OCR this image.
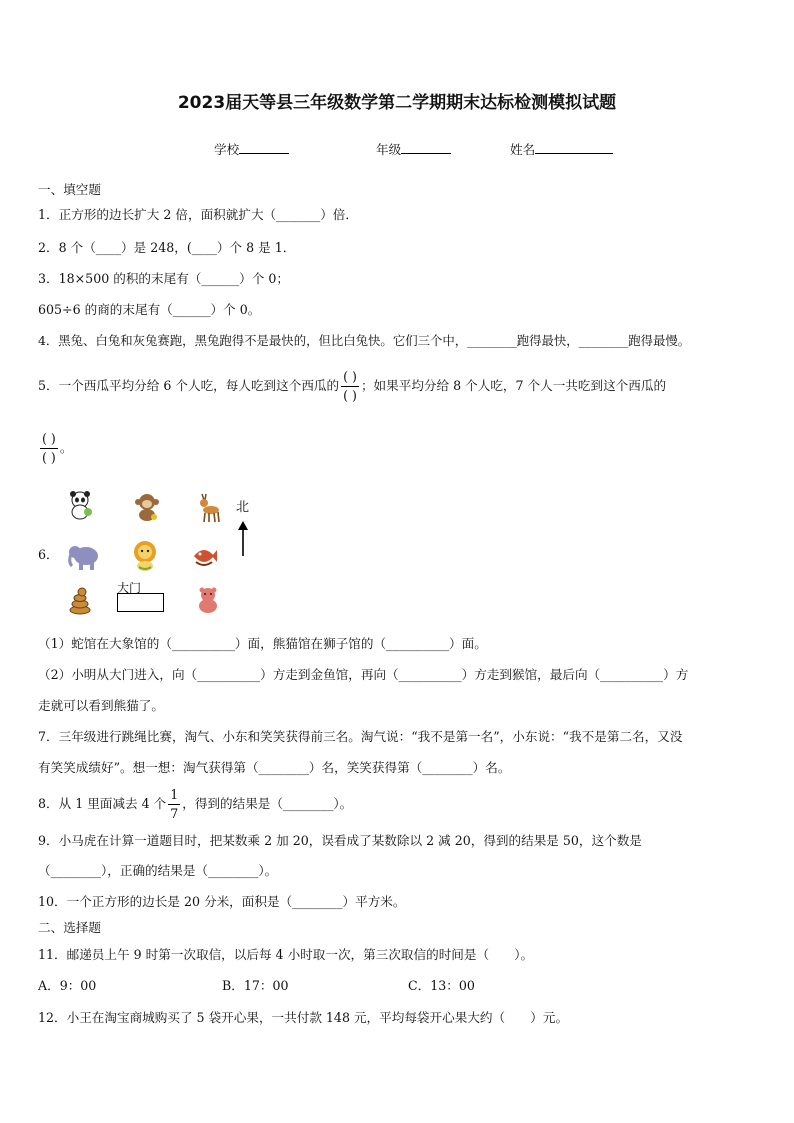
2023届天等县三年级数学第二学期期末达标检测模拟试题
学校	年级	姓名
一、填空题
1．正方形的边长扩大 2 倍，面积就扩大（_______）倍．
2．8 个（____）是 248，(____）个 8 是 1．
3．18×500 的积的末尾有（______）个 0；
605÷6 的商的末尾有（______）个 0。
4．黑兔、白兔和灰兔赛跑，黑兔跑得不是最快的，但比白兔快。它们三个中，________跑得最快，________跑得最慢。
5．一个西瓜平均分给 6 个人吃，每人吃到这个西瓜的 $\frac{( )}{( )}$ ；如果平均分给 8 个人吃，7 个人一共吃到这个西瓜的
$\frac{( )}{( )}$ 。
6．
北
大门
（1）蛇馆在大象馆的（__________）面，熊猫馆在狮子馆的（__________）面。
（2）小明从大门进入，向（__________）方走到金鱼馆，再向（__________）方走到猴馆，最后向（__________）方
走就可以看到熊猫了。
7．三年级进行跳绳比赛，淘气、小东和笑笑获得前三名。淘气说：“我不是第一名”，小东说：“我不是第二名，又没
有笑笑成绩好”。想一想：淘气获得第（________）名，笑笑获得第（________）名。
8．从 1 里面减去 4 个 $\frac{1}{7}$ ，得到的结果是（________）。
9．小马虎在计算一道题目时，把某数乘 2 加 20，误看成了某数除以 2 减 20，得到的结果是 50，这个数是
（________），正确的结果是（________）。
10．一个正方形的边长是 20 分米，面积是（________）平方米。
二、选择题
11．邮递员上午 9 时第一次取信，以后每 4 小时取一次，第三次取信的时间是（　　）。
A．9：00	B．17：00	C．13：00
12．小王在淘宝商城购买了 5 袋开心果，一共付款 148 元，平均每袋开心果大约（　　）元。
